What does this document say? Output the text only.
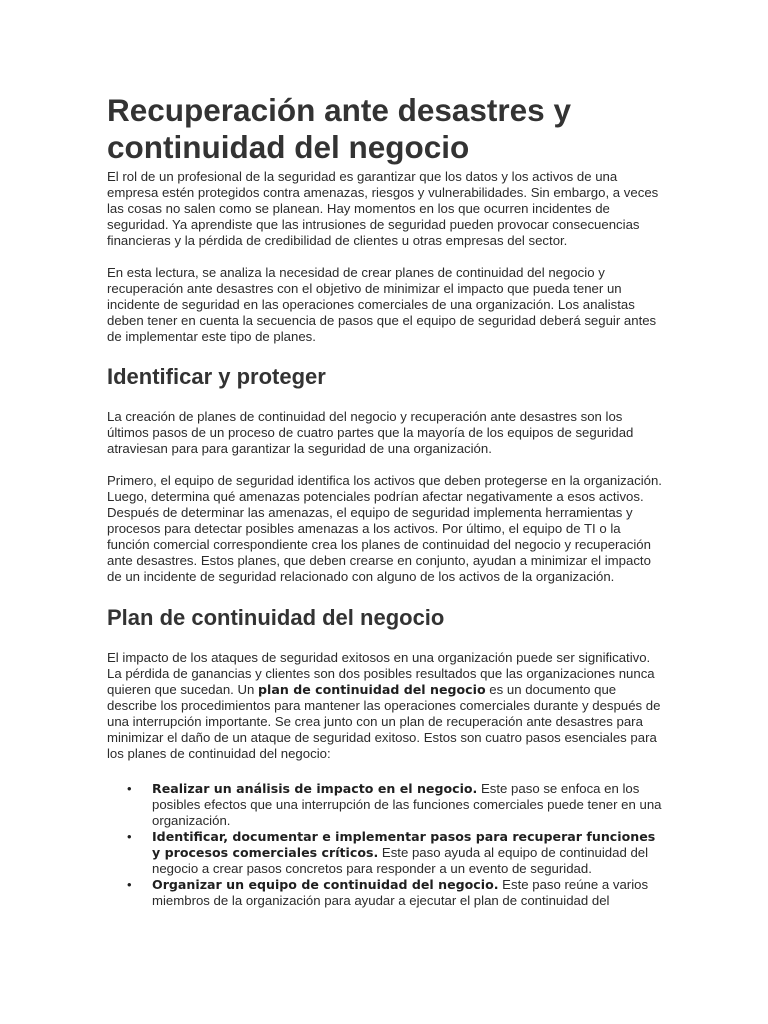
Recuperación ante desastres y continuidad del negocio

El rol de un profesional de la seguridad es garantizar que los datos y los activos de una empresa estén protegidos contra amenazas, riesgos y vulnerabilidades. Sin embargo, a veces las cosas no salen como se planean. Hay momentos en los que ocurren incidentes de seguridad. Ya aprendiste que las intrusiones de seguridad pueden provocar consecuencias financieras y la pérdida de credibilidad de clientes u otras empresas del sector.

En esta lectura, se analiza la necesidad de crear planes de continuidad del negocio y recuperación ante desastres con el objetivo de minimizar el impacto que pueda tener un incidente de seguridad en las operaciones comerciales de una organización. Los analistas deben tener en cuenta la secuencia de pasos que el equipo de seguridad deberá seguir antes de implementar este tipo de planes.

Identificar y proteger

La creación de planes de continuidad del negocio y recuperación ante desastres son los últimos pasos de un proceso de cuatro partes que la mayoría de los equipos de seguridad atraviesan para para garantizar la seguridad de una organización.

Primero, el equipo de seguridad identifica los activos que deben protegerse en la organización. Luego, determina qué amenazas potenciales podrían afectar negativamente a esos activos. Después de determinar las amenazas, el equipo de seguridad implementa herramientas y procesos para detectar posibles amenazas a los activos. Por último, el equipo de TI o la función comercial correspondiente crea los planes de continuidad del negocio y recuperación ante desastres. Estos planes, que deben crearse en conjunto, ayudan a minimizar el impacto de un incidente de seguridad relacionado con alguno de los activos de la organización.

Plan de continuidad del negocio

El impacto de los ataques de seguridad exitosos en una organización puede ser significativo. La pérdida de ganancias y clientes son dos posibles resultados que las organizaciones nunca quieren que sucedan. Un plan de continuidad del negocio es un documento que describe los procedimientos para mantener las operaciones comerciales durante y después de una interrupción importante. Se crea junto con un plan de recuperación ante desastres para minimizar el daño de un ataque de seguridad exitoso. Estos son cuatro pasos esenciales para los planes de continuidad del negocio:

• Realizar un análisis de impacto en el negocio. Este paso se enfoca en los posibles efectos que una interrupción de las funciones comerciales puede tener en una organización.
• Identificar, documentar e implementar pasos para recuperar funciones y procesos comerciales críticos. Este paso ayuda al equipo de continuidad del negocio a crear pasos concretos para responder a un evento de seguridad.
• Organizar un equipo de continuidad del negocio. Este paso reúne a varios miembros de la organización para ayudar a ejecutar el plan de continuidad del
